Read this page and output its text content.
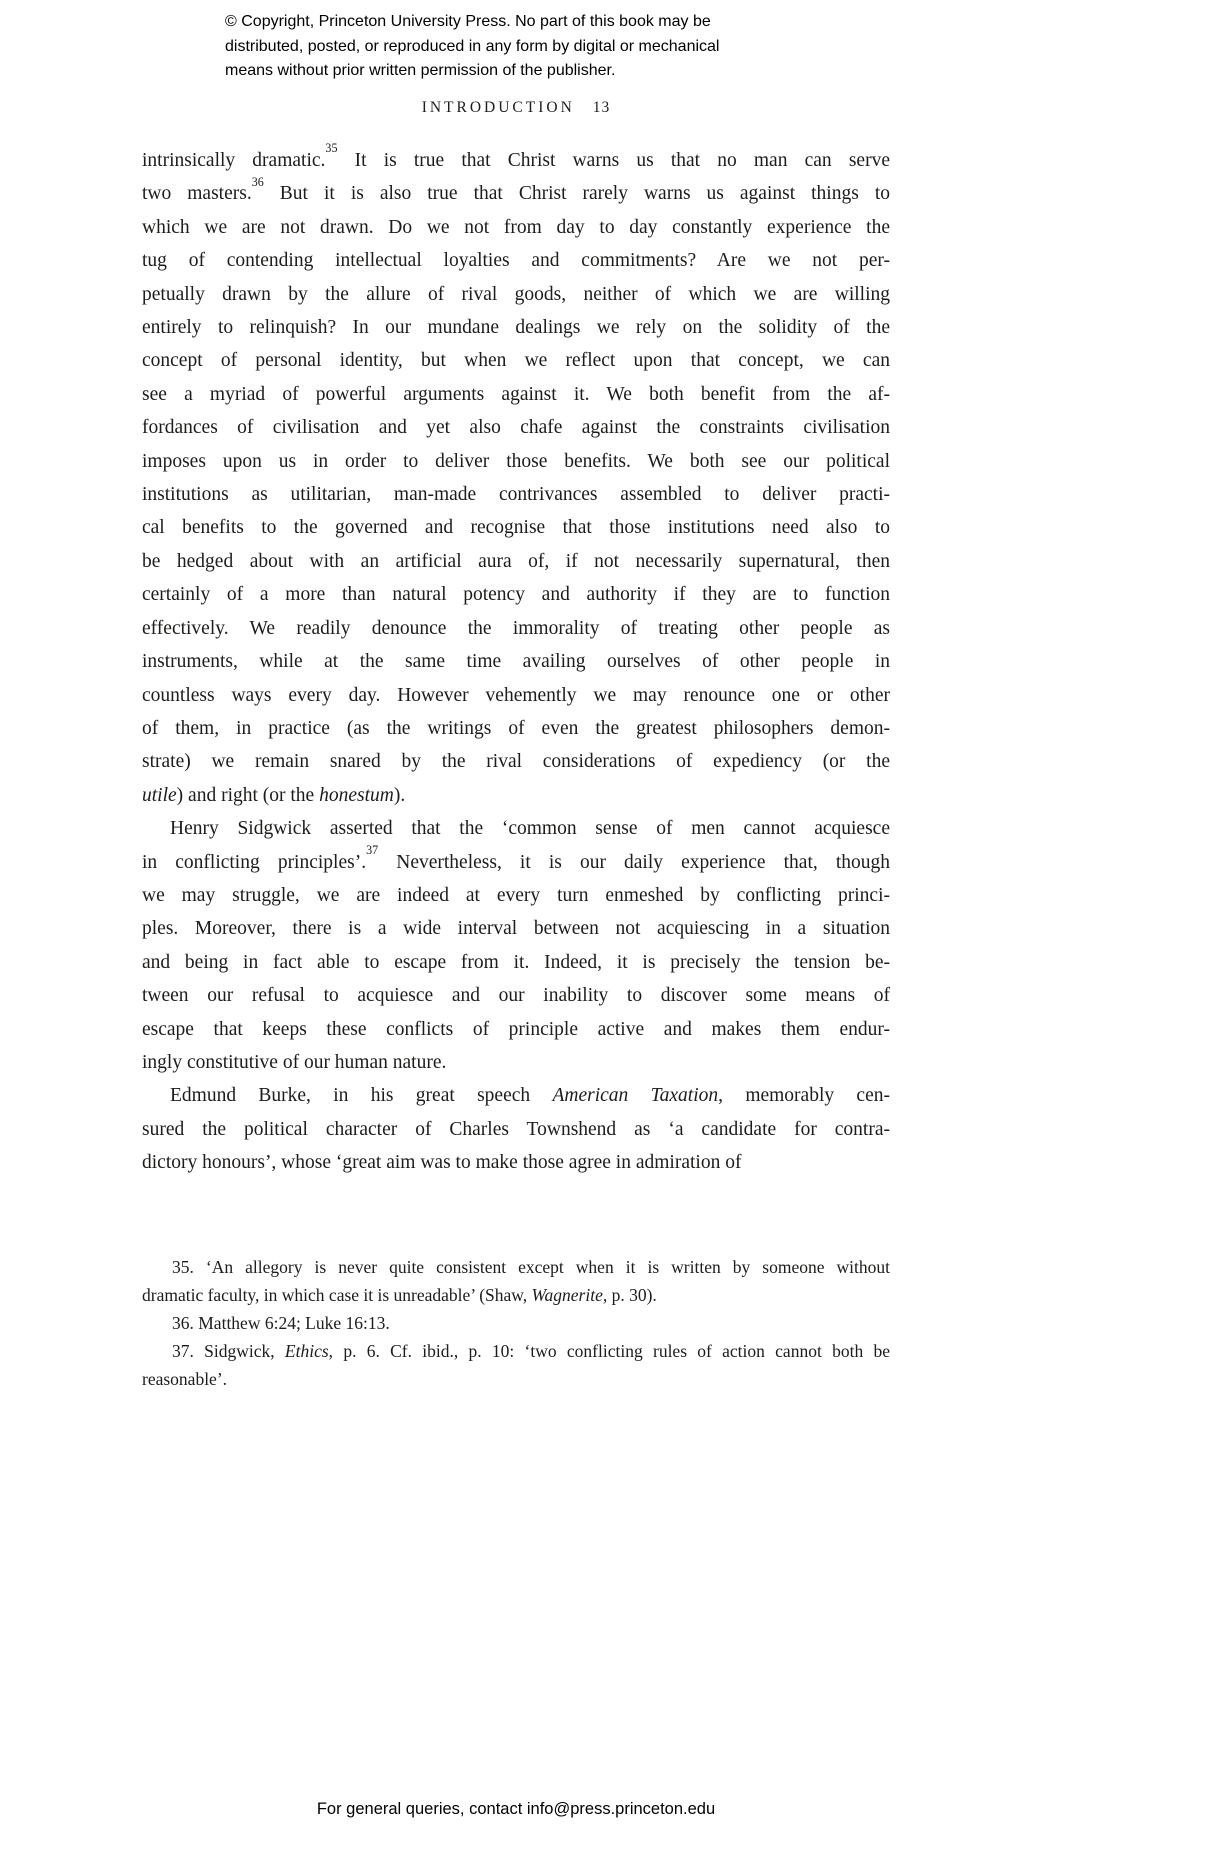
© Copyright, Princeton University Press. No part of this book may be
distributed, posted, or reproduced in any form by digital or mechanical
means without prior written permission of the publisher.
INTRODUCTION 13
intrinsically dramatic.$^{35}$ It is true that Christ warns us that no man can serve
two masters.$^{36}$ But it is also true that Christ rarely warns us against things to
which we are not drawn. Do we not from day to day constantly experience the
tug of contending intellectual loyalties and commitments? Are we not per-
petually drawn by the allure of rival goods, neither of which we are willing
entirely to relinquish? In our mundane dealings we rely on the solidity of the
concept of personal identity, but when we reflect upon that concept, we can
see a myriad of powerful arguments against it. We both benefit from the af-
fordances of civilisation and yet also chafe against the constraints civilisation
imposes upon us in order to deliver those benefits. We both see our political
institutions as utilitarian, man-made contrivances assembled to deliver practi-
cal benefits to the governed and recognise that those institutions need also to
be hedged about with an artificial aura of, if not necessarily supernatural, then
certainly of a more than natural potency and authority if they are to function
effectively. We readily denounce the immorality of treating other people as
instruments, while at the same time availing ourselves of other people in
countless ways every day. However vehemently we may renounce one or other
of them, in practice (as the writings of even the greatest philosophers demon-
strate) we remain snared by the rival considerations of expediency (or the
utile) and right (or the honestum).
Henry Sidgwick asserted that the ‘common sense of men cannot acquiesce
in conflicting principles’.$^{37}$ Nevertheless, it is our daily experience that, though
we may struggle, we are indeed at every turn enmeshed by conflicting princi-
ples. Moreover, there is a wide interval between not acquiescing in a situation
and being in fact able to escape from it. Indeed, it is precisely the tension be-
tween our refusal to acquiesce and our inability to discover some means of
escape that keeps these conflicts of principle active and makes them endur-
ingly constitutive of our human nature.
Edmund Burke, in his great speech American Taxation, memorably cen-
sured the political character of Charles Townshend as ‘a candidate for contra-
dictory honours’, whose ‘great aim was to make those agree in admiration of
35. ‘An allegory is never quite consistent except when it is written by someone without
dramatic faculty, in which case it is unreadable’ (Shaw, Wagnerite, p. 30).
36. Matthew 6:24; Luke 16:13.
37. Sidgwick, Ethics, p. 6. Cf. ibid., p. 10: ‘two conflicting rules of action cannot both be
reasonable’.
For general queries, contact info@press.princeton.edu
